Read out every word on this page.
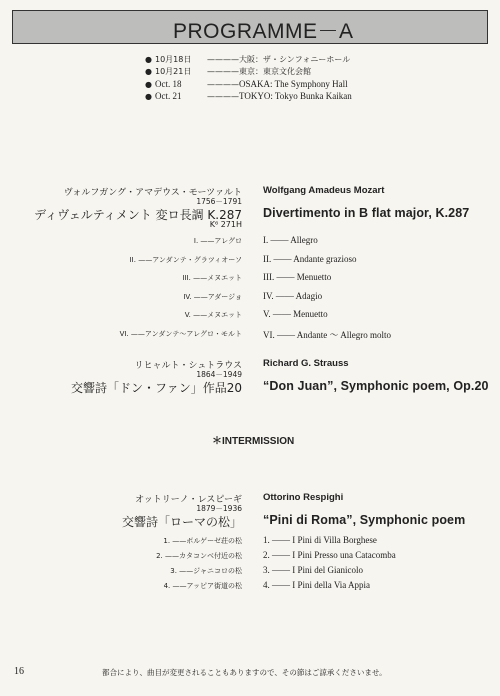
PROGRAMME－A
● 10月18日 ————大阪：ザ・シンフォニーホール
● 10月21日 ————東京：東京文化会館
● Oct. 18	————OSAKA: The Symphony Hall
● Oct. 21	————TOKYO: Tokyo Bunka Kaikan
ヴォルフガング・アマデウス・モーツァルト
1756－1791
ディヴェルティメント 変ロ長調 K.287
K⁶ 271H
Wolfgang Amadeus Mozart
Divertimento in B flat major, K.287
I. ——アレグロ I. —— Allegro
II. ——アンダンテ・グラツィオーソ II. —— Andante grazioso
III. ——メヌエット III. —— Menuetto
IV. ——アダージョ IV. —— Adagio
V. ——メヌエット V. —— Menuetto
VI. ——アンダンテ～アレグロ・モルト VI. —— Andante ～ Allegro molto
リヒャルト・シュトラウス
1864－1949
交響詩「ドン・ファン」作品20
Richard G. Strauss
“Don Juan”, Symphonic poem, Op.20
＊INTERMISSION
オットリーノ・レスピーギ
1879－1936
交響詩「ローマの松」
Ottorino Respighi
“Pini di Roma”, Symphonic poem
1. ——ボルゲーゼ荘の松 1. —— I Pini di Villa Borghese
2. ——カタコンベ付近の松 2. —— I Pini Presso una Catacomba
3. ——ジャニコロの松 3. —— I Pini del Gianicolo
4. ——アッピア街道の松 4. —— I Pini della Via Appia
16	都合により、曲目が変更されることもありますので、その節はご諒承くださいませ。
